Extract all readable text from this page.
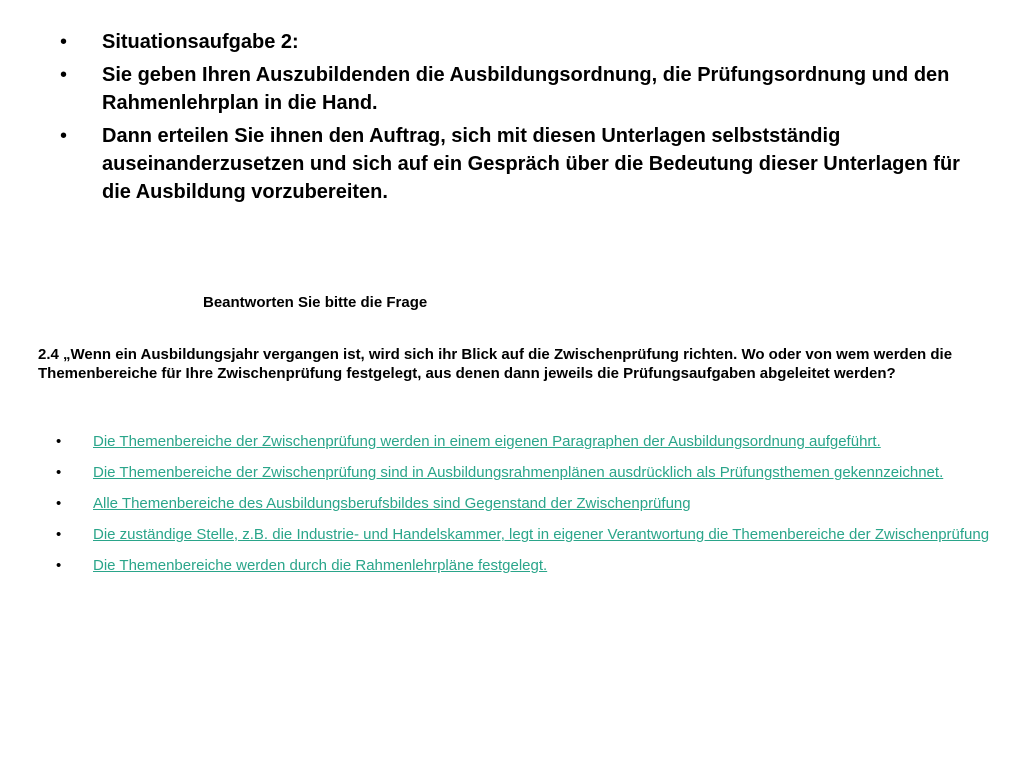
•	Situationsaufgabe 2:
•	Sie geben Ihren Auszubildenden die Ausbildungsordnung, die Prüfungsordnung und den Rahmenlehrplan in die Hand.
•	Dann erteilen Sie ihnen den Auftrag, sich mit diesen Unterlagen selbstständig auseinanderzusetzen und sich auf ein Gespräch über die Bedeutung dieser Unterlagen für die Ausbildung vorzubereiten.
Beantworten Sie bitte die Frage
2.4 „Wenn ein Ausbildungsjahr vergangen ist, wird sich ihr Blick auf die Zwischenprüfung richten. Wo oder von wem werden die Themenbereiche für Ihre Zwischenprüfung festgelegt, aus denen dann jeweils die Prüfungsaufgaben abgeleitet werden?
• Die Themenbereiche der Zwischenprüfung werden in einem eigenen Paragraphen der Ausbildungsordnung aufgeführt.
• Die Themenbereiche der Zwischenprüfung sind in Ausbildungsrahmenplänen ausdrücklich als Prüfungsthemen gekennzeichnet.
• Alle Themenbereiche des Ausbildungsberufsbildes sind Gegenstand der Zwischenprüfung
• Die zuständige Stelle, z.B. die Industrie- und Handelskammer, legt in eigener Verantwortung die Themenbereiche der Zwischenprüfung
• Die Themenbereiche werden durch die Rahmenlehrpläne festgelegt.
